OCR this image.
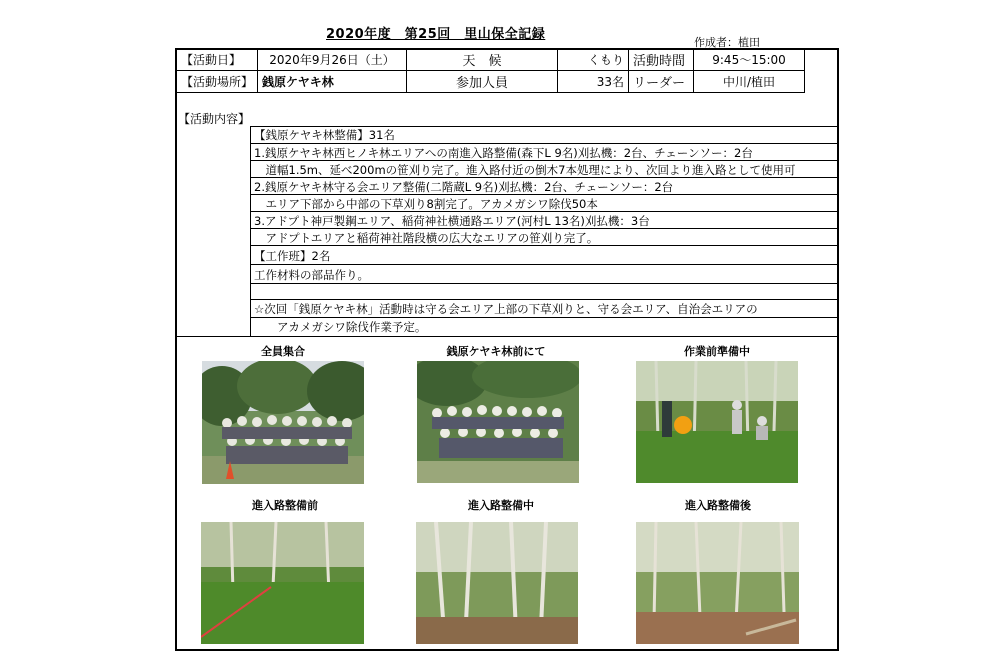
2020年度　第25回　里山保全記録
作成者：植田
【活動日】	2020年9月26日（土）	天　候	くもり	活動時間	9:45〜15:00
【活動場所】	銭原ケヤキ林	参加人員	33名	リーダー	中川/植田
【活動内容】
【銭原ケヤキ林整備】31名
1.銭原ケヤキ林西ヒノキ林エリアへの南進入路整備(森下L 9名)刈払機：2台、チェーンソー：2台
　道幅1.5m、延べ200mの笹刈り完了。進入路付近の倒木7本処理により、次回より進入路として使用可
2.銭原ケヤキ林守る会エリア整備(二階蔵L 9名)刈払機：2台、チェーンソー：2台
　エリア下部から中部の下草刈り8割完了。アカメガシワ除伐50本
3.アドプト神戸製鋼エリア、稲荷神社横通路エリア(河村L 13名)刈払機：3台
　アドプトエリアと稲荷神社階段横の広大なエリアの笹刈り完了。
【工作班】2名
工作材料の部品作り。
☆次回「銭原ケヤキ林」活動時は守る会エリア上部の下草刈りと、守る会エリア、自治会エリアの
　　アカメガシワ除伐作業予定。
全員集合	銭原ケヤキ林前にて	作業前準備中
進入路整備前	進入路整備中	進入路整備後
